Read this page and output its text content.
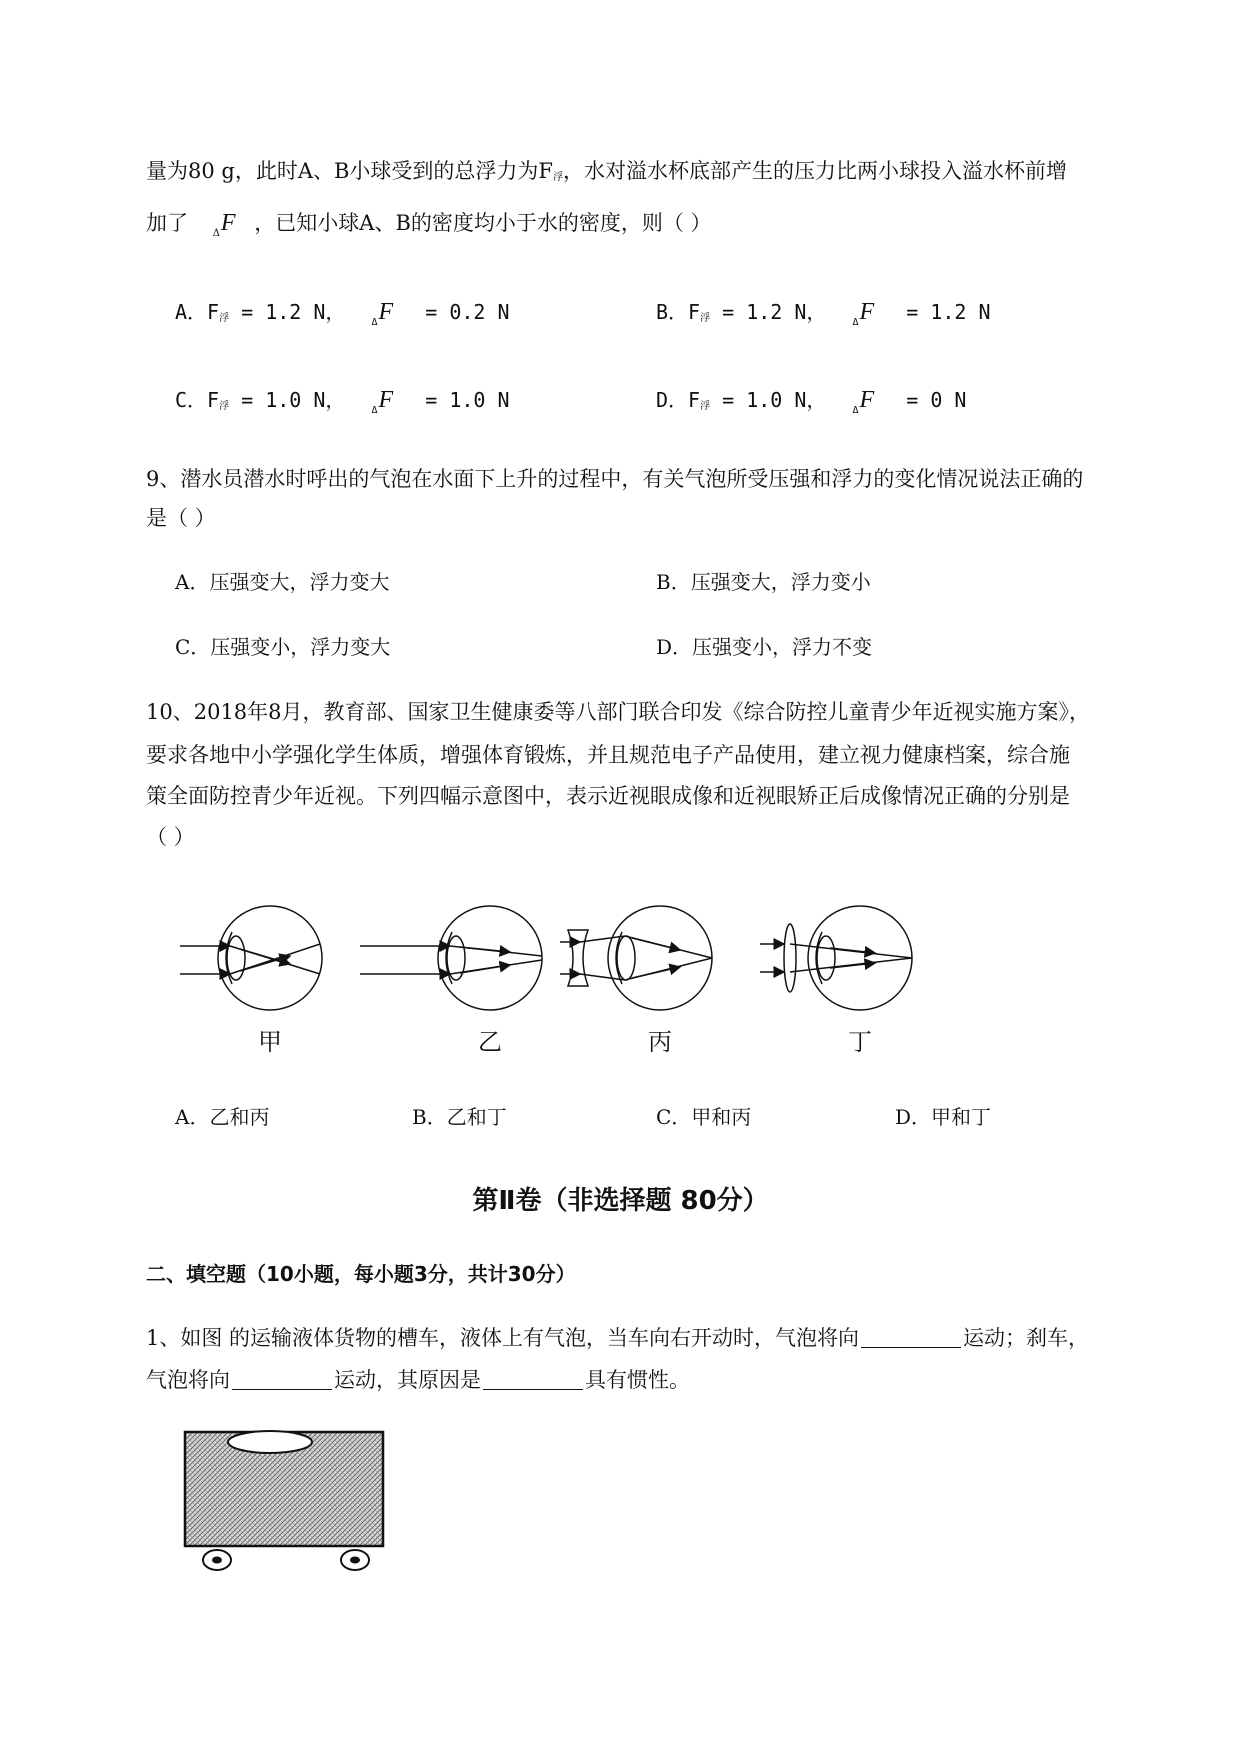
量为80 g，此时A、B小球受到的总浮力为$F_浮$，水对溢水杯底部产生的压力比两小球投入溢水杯前增
加了 $_\Delta$F ，已知小球A、B的密度均小于水的密度，则（ ）
A．$F_浮 = 1.2$ N，	$_\Delta$F = 0.2 N	B．$F_浮 = 1.2$ N，	$_\Delta$F = 1.2 N
C．$F_浮 = 1.0$ N，	$_\Delta$F = 1.0 N	D．$F_浮 = 1.0$ N，	$_\Delta$F = 0 N
9、潜水员潜水时呼出的气泡在水面下上升的过程中，有关气泡所受压强和浮力的变化情况说法正确的
是（ ）
A．压强变大，浮力变大	B．压强变大，浮力变小
C．压强变小，浮力变大	D．压强变小，浮力不变
10、2018年8月，教育部、国家卫生健康委等八部门联合印发《综合防控儿童青少年近视实施方案》，
要求各地中小学强化学生体质，增强体育锻炼，并且规范电子产品使用，建立视力健康档案，综合施
策全面防控青少年近视。下列四幅示意图中，表示近视眼成像和近视眼矫正后成像情况正确的分别是
（ ）
甲	乙	丙	丁
A．乙和丙	B．乙和丁	C．甲和丙	D．甲和丁
第Ⅱ卷（非选择题 80分）
二、填空题（10小题，每小题3分，共计30分）
1、如图 的运输液体货物的槽车，液体上有气泡，当车向右开动时，气泡将向	运动；刹车，
气泡将向	运动，其原因是	具有惯性。
